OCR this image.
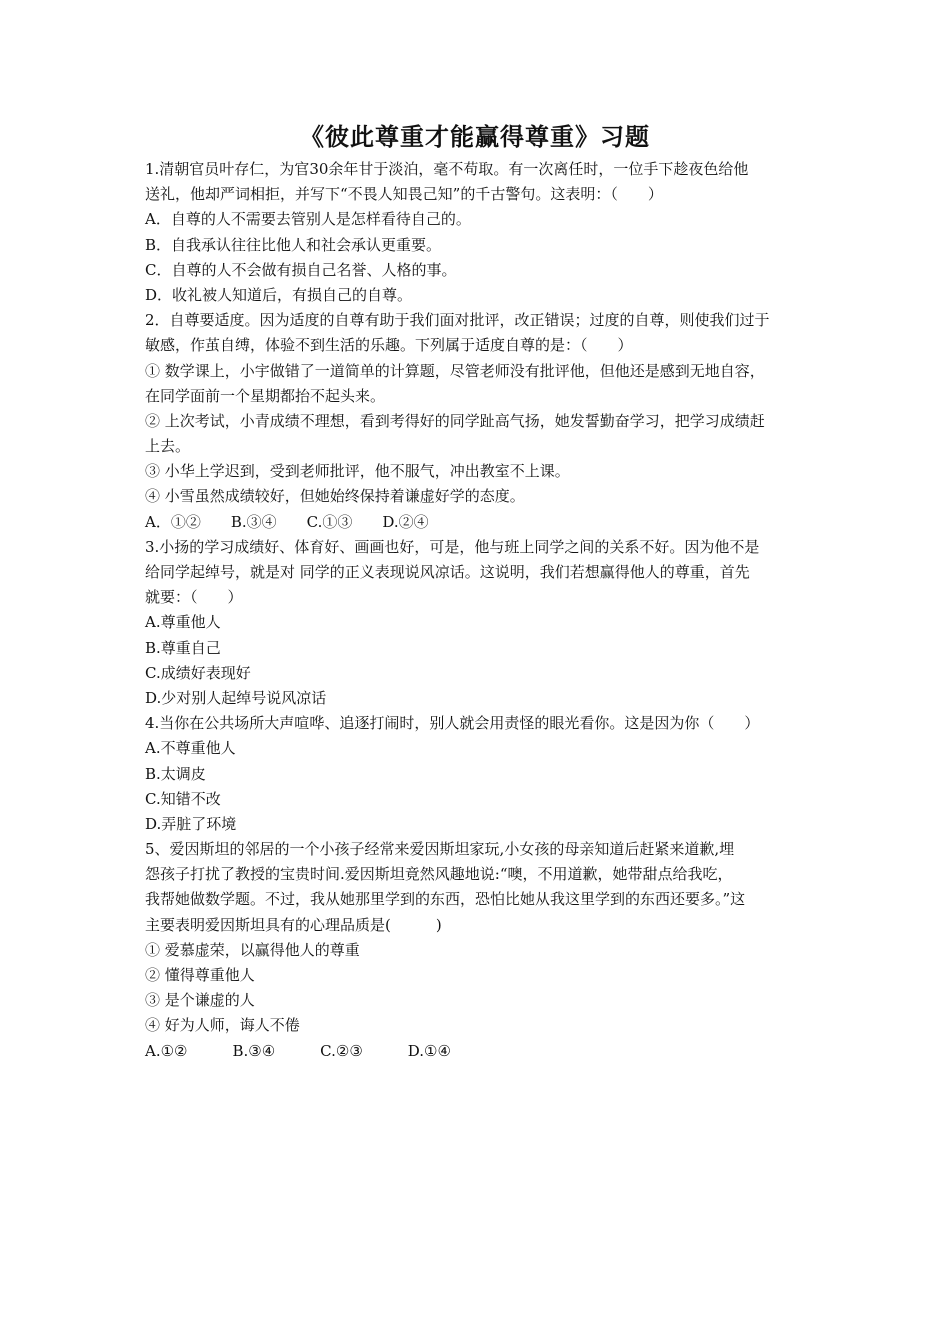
《彼此尊重才能赢得尊重》习题
1.清朝官员叶存仁，为官30余年甘于淡泊，毫不苟取。有一次离任时，一位手下趁夜色给他
送礼，他却严词相拒，并写下“不畏人知畏己知”的千古警句。这表明：（　　）
A．自尊的人不需要去管别人是怎样看待自己的。
B．自我承认往往比他人和社会承认更重要。
C．自尊的人不会做有损自己名誉、人格的事。
D．收礼被人知道后，有损自己的自尊。
2．自尊要适度。因为适度的自尊有助于我们面对批评，改正错误；过度的自尊，则使我们过于
敏感，作茧自缚，体验不到生活的乐趣。下列属于适度自尊的是：（　　）
① 数学课上，小宇做错了一道简单的计算题，尽管老师没有批评他，但他还是感到无地自容，
在同学面前一个星期都抬不起头来。
② 上次考试，小青成绩不理想，看到考得好的同学趾高气扬，她发誓勤奋学习，把学习成绩赶
上去。
③ 小华上学迟到，受到老师批评，他不服气，冲出教室不上课。
④ 小雪虽然成绩较好，但她始终保持着谦虚好学的态度。
A．①②　　B.③④　　C.①③　　D.②④
3.小扬的学习成绩好、体育好、画画也好，可是，他与班上同学之间的关系不好。因为他不是
给同学起绰号，就是对 同学的正义表现说风凉话。这说明，我们若想赢得他人的尊重，首先
就要：（　　）
A.尊重他人
B.尊重自己
C.成绩好表现好
D.少对别人起绰号说风凉话
4.当你在公共场所大声喧哗、追逐打闹时，别人就会用责怪的眼光看你。这是因为你（　　）
A.不尊重他人
B.太调皮
C.知错不改
D.弄脏了环境
5、爱因斯坦的邻居的一个小孩子经常来爱因斯坦家玩,小女孩的母亲知道后赶紧来道歉,埋
怨孩子打扰了教授的宝贵时间.爱因斯坦竟然风趣地说:“噢，不用道歉，她带甜点给我吃，
我帮她做数学题。不过，我从她那里学到的东西，恐怕比她从我这里学到的东西还要多。”这
主要表明爱因斯坦具有的心理品质是(　　　)
① 爱慕虚荣，以赢得他人的尊重
② 懂得尊重他人
③ 是个谦虚的人
④ 好为人师，诲人不倦
A.①②　　　B.③④　　　C.②③　　　D.①④
